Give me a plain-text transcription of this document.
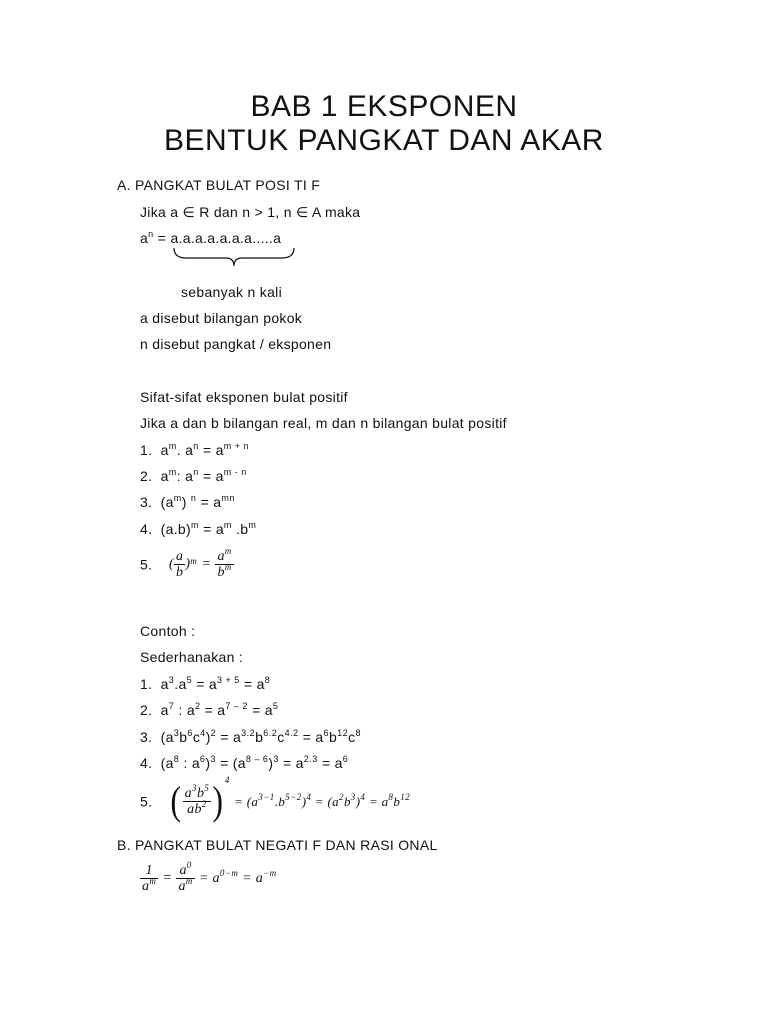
BAB 1 EKSPONEN
BENTUK PANGKAT DAN AKAR
A. PANGKAT BULAT POSI TI F
Jika a ∈ R dan n > 1, n ∈ A maka
$a^n = a.a.a.a.a.a.a.....a$
sebanyak n kali
a disebut bilangan pokok
n disebut pangkat / eksponen
Sifat-sifat eksponen bulat positif
Jika a dan b bilangan real, m dan n bilangan bulat positif
1. $a^m$. $a^n = a^{m + n}$
2. $a^m$: $a^n = a^{m - n}$
3. $(a^m) ^n = a^{mn}$
4. $(a.b)^m = a^m$ $.b^m$
5. ( $\frac{a}{b} )^m = \frac{a^m}{b^m}$
Contoh :
Sederhanakan :
1. $a^3.a^5 = a^{3 + 5} = a^8$
2. $a^7$ : $a^2 = a^{7 - 2} = a^5$
3. $(a^3b^6c^4)^2 = a^{3.2}b^{6.2}c^{4.2} = a^6b^{12}c^8$
4. ($a^8$ : $a^6)^3 = (a^{8 - 6})^3 = a^{2.3} = a^6$
5. ( $\frac{a^3b^5}{ab^2} )^4 = (a^{3-1}.b^{5-2})^4 = (a^2b^3)^4 = a^8b^{12}$
B. PANGKAT BULAT NEGATI F DAN RASI ONAL
$\frac{1}{a^m} = \frac{a^0}{a^m} = a^{0-m} = a^{-m}$
